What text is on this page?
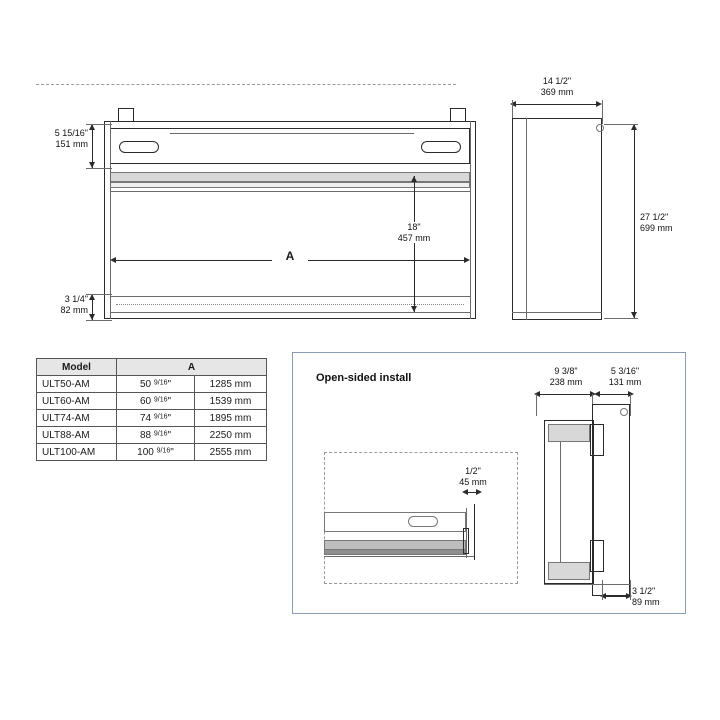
5 15/16"
151 mm
3 1/4"
82 mm
18"
457 mm
A
14 1/2"
369 mm
27 1/2"
699 mm
Model	A	
ULT50-AM	50 $^{9/16}$"	1285 mm
ULT60-AM	60 $^{9/16}$"	1539 mm
ULT74-AM	74 $^{9/16}$"	1895 mm
ULT88-AM	88 $^{9/16}$"	2250 mm
ULT100-AM	100 $^{9/16}$"	2555 mm
Open-sided install
1/2"
45 mm
9 3/8"
238 mm
5 3/16"
131 mm
3 1/2"
89 mm
